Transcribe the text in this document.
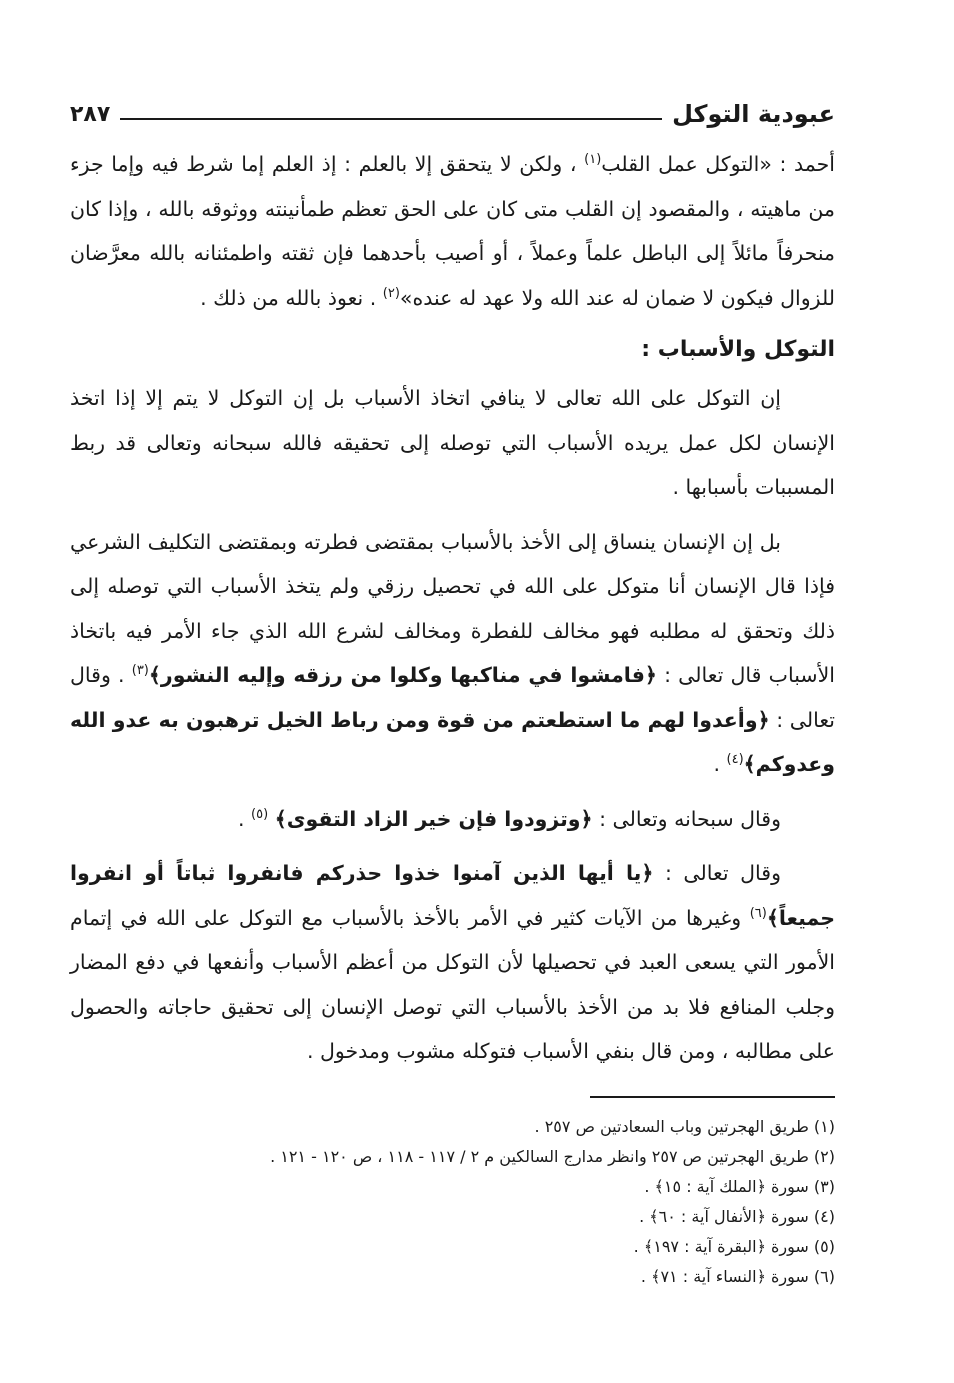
عبودية التوكل
٢٨٧

أحمد : «التوكل عمل القلب$^{(١)}$ ، ولكن لا يتحقق إلا بالعلم : إذ العلم إما شرط فيه وإما جزء من ماهيته ، والمقصود إن القلب متى كان على الحق تعظم طمأنينته ووثوقه بالله ، وإذا كان منحرفاً مائلاً إلى الباطل علماً وعملاً ، أو أصيب بأحدهما فإن ثقته واطمئنانه بالله معرَّضان للزوال فيكون لا ضمان له عند الله ولا عهد له عنده»$^{(٢)}$ . نعوذ بالله من ذلك .

التوكل والأسباب :

إن التوكل على الله تعالى لا ينافي اتخاذ الأسباب بل إن التوكل لا يتم إلا إذا اتخذ الإنسان لكل عمل يريده الأسباب التي توصله إلى تحقيقه فالله سبحانه وتعالى قد ربط المسببات بأسبابها .

بل إن الإنسان ينساق إلى الأخذ بالأسباب بمقتضى فطرته وبمقتضى التكليف الشرعي فإذا قال الإنسان أنا متوكل على الله في تحصيل رزقي ولم يتخذ الأسباب التي توصله إلى ذلك وتحقق له مطلبه فهو مخالف للفطرة ومخالف لشرع الله الذي جاء الأمر فيه باتخاذ الأسباب قال تعالى : ﴿فامشوا في مناكبها وكلوا من رزقه وإليه النشور﴾$^{(٣)}$ . وقال تعالى : ﴿وأعدوا لهم ما استطعتم من قوة ومن رباط الخيل ترهبون به عدو الله وعدوكم﴾$^{(٤)}$ .

وقال سبحانه وتعالى : ﴿وتزودوا فإن خير الزاد التقوى﴾ $^{(٥)}$ .

وقال تعالى : ﴿يا أيها الذين آمنوا خذوا حذركم فانفروا ثباتاً أو انفروا جميعاً﴾$^{(٦)}$ وغيرها من الآيات كثير في الأمر بالأخذ بالأسباب مع التوكل على الله في إتمام الأمور التي يسعى العبد في تحصيلها لأن التوكل من أعظم الأسباب وأنفعها في دفع المضار وجلب المنافع فلا بد من الأخذ بالأسباب التي توصل الإنسان إلى تحقيق حاجاته والحصول على مطالبه ، ومن قال بنفي الأسباب فتوكله مشوب ومدخول .

(١) طريق الهجرتين وباب السعادتين ص ٢٥٧ .

(٢) طريق الهجرتين ص ٢٥٧ وانظر مدارج السالكين م ٢ / ١١٧ - ١١٨ ، ص ١٢٠ - ١٢١ .

(٣) سورة ﴿الملك آية : ١٥﴾ .

(٤) سورة ﴿الأنفال آية : ٦٠﴾ .

(٥) سورة ﴿البقرة آية : ١٩٧﴾ .

(٦) سورة ﴿النساء آية : ٧١﴾ .
